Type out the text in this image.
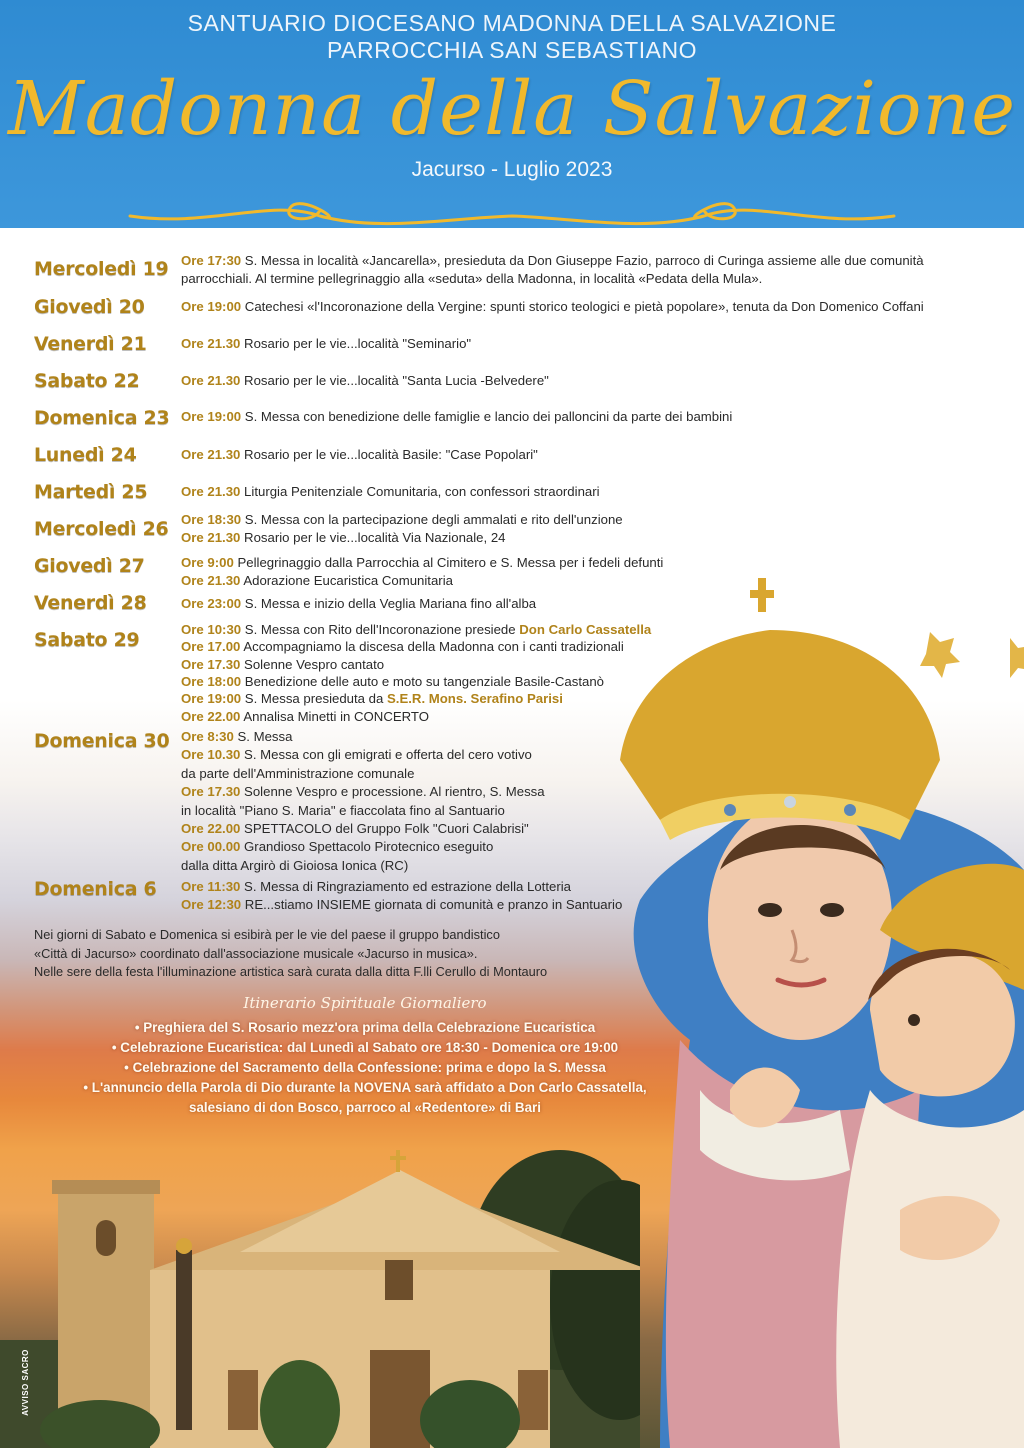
SANTUARIO DIOCESANO MADONNA DELLA SALVAZIONE
PARROCCHIA SAN SEBASTIANO
Madonna della Salvazione
Jacurso - Luglio 2023
Mercoledì 19 Ore 17:30 S. Messa in località «Jancarella», presieduta da Don Giuseppe Fazio, parroco di Curinga assieme alle due comunità parrocchiali. Al termine pellegrinaggio alla «seduta» della Madonna, in località «Pedata della Mula».
Giovedì 20	Ore 19:00 Catechesi «l'Incoronazione della Vergine: spunti storico teologici e pietà popolare», tenuta da Don Domenico Coffani
Venerdì 21	Ore 21.30 Rosario per le vie...località "Seminario"
Sabato 22	Ore 21.30 Rosario per le vie...località "Santa Lucia -Belvedere"
Domenica 23 Ore 19:00 S. Messa con benedizione delle famiglie e lancio dei palloncini da parte dei bambini
Lunedì 24	Ore 21.30 Rosario per le vie...località Basile: "Case Popolari"
Martedì 25	Ore 21.30 Liturgia Penitenziale Comunitaria, con confessori straordinari
Mercoledì 26 Ore 18:30 S. Messa con la partecipazione degli ammalati e rito dell'unzione
Ore 21.30 Rosario per le vie...località Via Nazionale, 24
Giovedì 27	Ore 9:00 Pellegrinaggio dalla Parrocchia al Cimitero e S. Messa per i fedeli defunti
Ore 21.30 Adorazione Eucaristica Comunitaria
Venerdì 28	Ore 23:00 S. Messa e inizio della Veglia Mariana fino all'alba
Sabato 29	Ore 10:30 S. Messa con Rito dell'Incoronazione presiede Don Carlo Cassatella
Ore 17.00 Accompagniamo la discesa della Madonna con i canti tradizionali
Ore 17.30 Solenne Vespro cantato
Ore 18:00 Benedizione delle auto e moto su tangenziale Basile-Castanò
Ore 19:00 S. Messa presieduta da S.E.R. Mons. Serafino Parisi
Ore 22.00 Annalisa Minetti in CONCERTO
Domenica 30 Ore 8:30 S. Messa
Ore 10.30 S. Messa con gli emigrati e offerta del cero votivo
da parte dell'Amministrazione comunale
Ore 17.30 Solenne Vespro e processione. Al rientro, S. Messa
in località "Piano S. Maria" e fiaccolata fino al Santuario
Ore 22.00 SPETTACOLO del Gruppo Folk "Cuori Calabrisi"
Ore 00.00 Grandioso Spettacolo Pirotecnico eseguito
dalla ditta Argirò di Gioiosa Ionica (RC)
Domenica 6 Ore 11:30 S. Messa di Ringraziamento ed estrazione della Lotteria
Ore 12:30 RE...stiamo INSIEME giornata di comunità e pranzo in Santuario
Nei giorni di Sabato e Domenica si esibirà per le vie del paese il gruppo bandistico
«Città di Jacurso» coordinato dall'associazione musicale «Jacurso in musica».
Nelle sere della festa l'illuminazione artistica sarà curata dalla ditta F.lli Cerullo di Montauro
Itinerario Spirituale Giornaliero
• Preghiera del S. Rosario mezz'ora prima della Celebrazione Eucaristica
• Celebrazione Eucaristica: dal Lunedì al Sabato ore 18:30 - Domenica ore 19:00
• Celebrazione del Sacramento della Confessione: prima e dopo la S. Messa
• L'annuncio della Parola di Dio durante la NOVENA sarà affidato a Don Carlo Cassatella,
salesiano di don Bosco, parroco al «Redentore» di Bari
AVVISO SACRO
